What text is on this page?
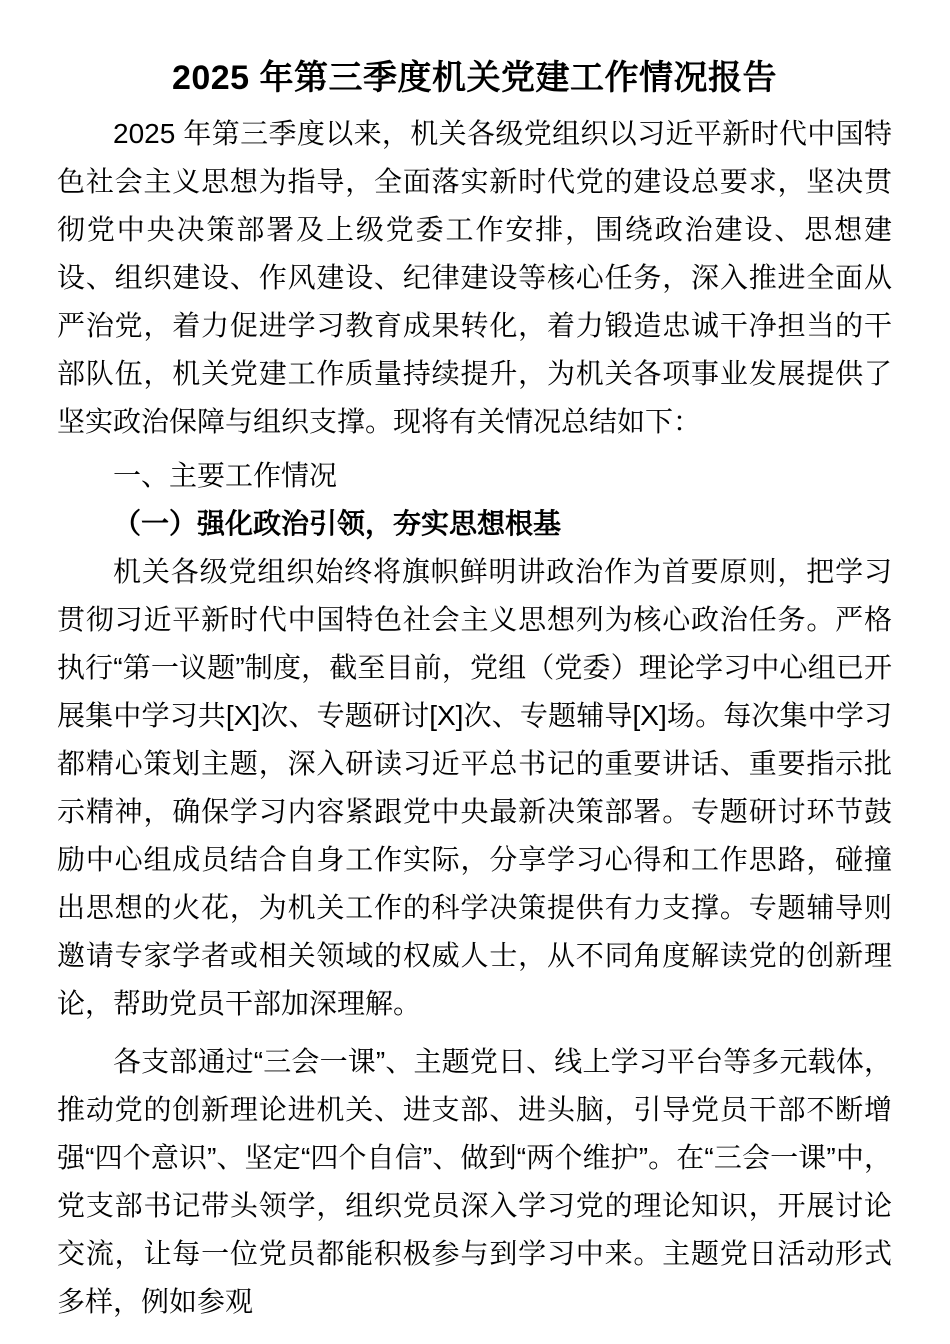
2025 年第三季度机关党建工作情况报告

2025 年第三季度以来，机关各级党组织以习近平新时代中国特色社会主义思想为指导，全面落实新时代党的建设总要求，坚决贯彻党中央决策部署及上级党委工作安排，围绕政治建设、思想建设、组织建设、作风建设、纪律建设等核心任务，深入推进全面从严治党，着力促进学习教育成果转化，着力锻造忠诚干净担当的干部队伍，机关党建工作质量持续提升，为机关各项事业发展提供了坚实政治保障与组织支撑。现将有关情况总结如下：

一、主要工作情况

（一）强化政治引领，夯实思想根基

机关各级党组织始终将旗帜鲜明讲政治作为首要原则，把学习贯彻习近平新时代中国特色社会主义思想列为核心政治任务。严格执行“第一议题”制度，截至目前，党组（党委）理论学习中心组已开展集中学习共[X]次、专题研讨[X]次、专题辅导[X]场。每次集中学习都精心策划主题，深入研读习近平总书记的重要讲话、重要指示批示精神，确保学习内容紧跟党中央最新决策部署。专题研讨环节鼓励中心组成员结合自身工作实际，分享学习心得和工作思路，碰撞出思想的火花，为机关工作的科学决策提供有力支撑。专题辅导则邀请专家学者或相关领域的权威人士，从不同角度解读党的创新理论，帮助党员干部加深理解。

各支部通过“三会一课”、主题党日、线上学习平台等多元载体，推动党的创新理论进机关、进支部、进头脑，引导党员干部不断增强“四个意识”、坚定“四个自信”、做到“两个维护”。在“三会一课”中，党支部书记带头领学，组织党员深入学习党的理论知识，开展讨论交流，让每一位党员都能积极参与到学习中来。主题党日活动形式多样，例如参观
